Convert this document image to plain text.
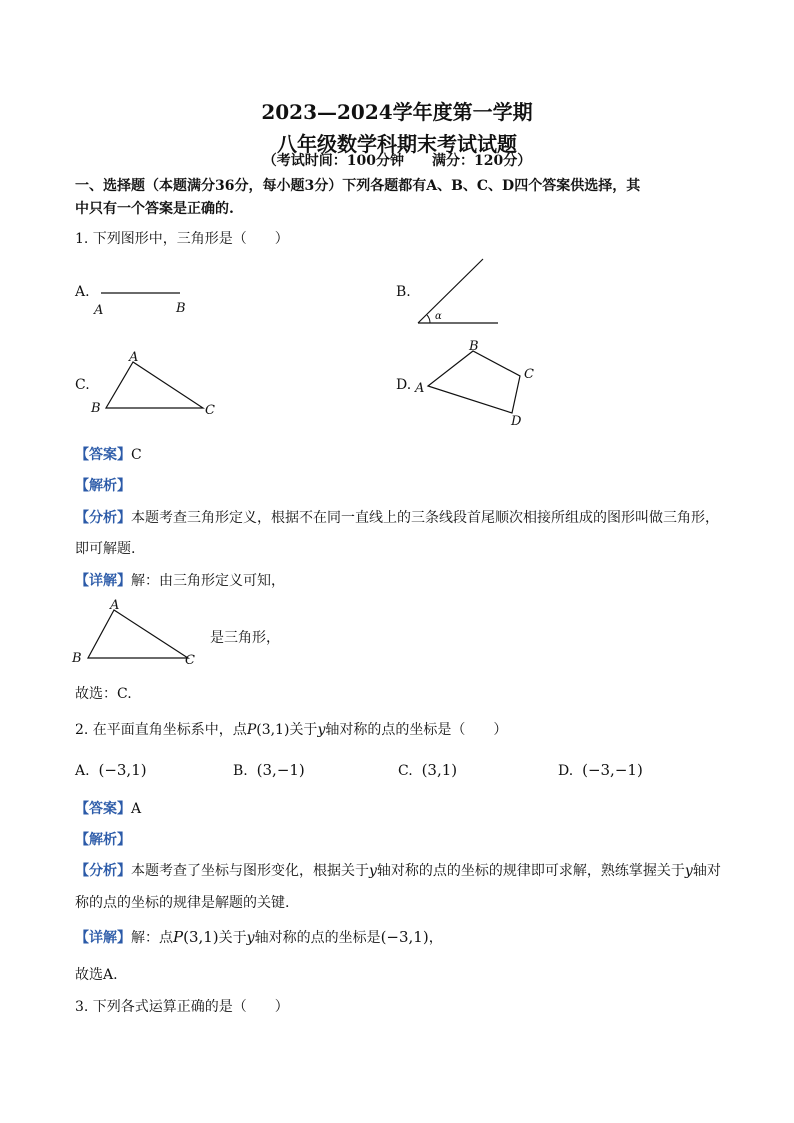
2023—2024学年度第一学期
八年级数学科期末考试试题
（考试时间：100分钟　　满分：120分）
一、选择题（本题满分36分，每小题3分）下列各题都有A、B、C、D四个答案供选择，其
中只有一个答案是正确的.
1. 下列图形中，三角形是（　　）
A.
A	B
B.
α
C.
A
B	C
D. A
B
C
D
【答案】C
【解析】
【分析】本题考查三角形定义，根据不在同一直线上的三条线段首尾顺次相接所组成的图形叫做三角形，
即可解题.
【详解】解：由三角形定义可知，
A
B	C
是三角形，
故选：C.
2. 在平面直角坐标系中，点P(3,1)关于y轴对称的点的坐标是（　　）
A. (−3,1)	B. (3,−1)	C. (3,1)	D. (−3,−1)
【答案】A
【解析】
【分析】本题考查了坐标与图形变化，根据关于y轴对称的点的坐标的规律即可求解，熟练掌握关于y轴对
称的点的坐标的规律是解题的关键.
【详解】解：点P(3,1)关于y轴对称的点的坐标是(−3,1)，
故选A.
3. 下列各式运算正确的是（　　）
